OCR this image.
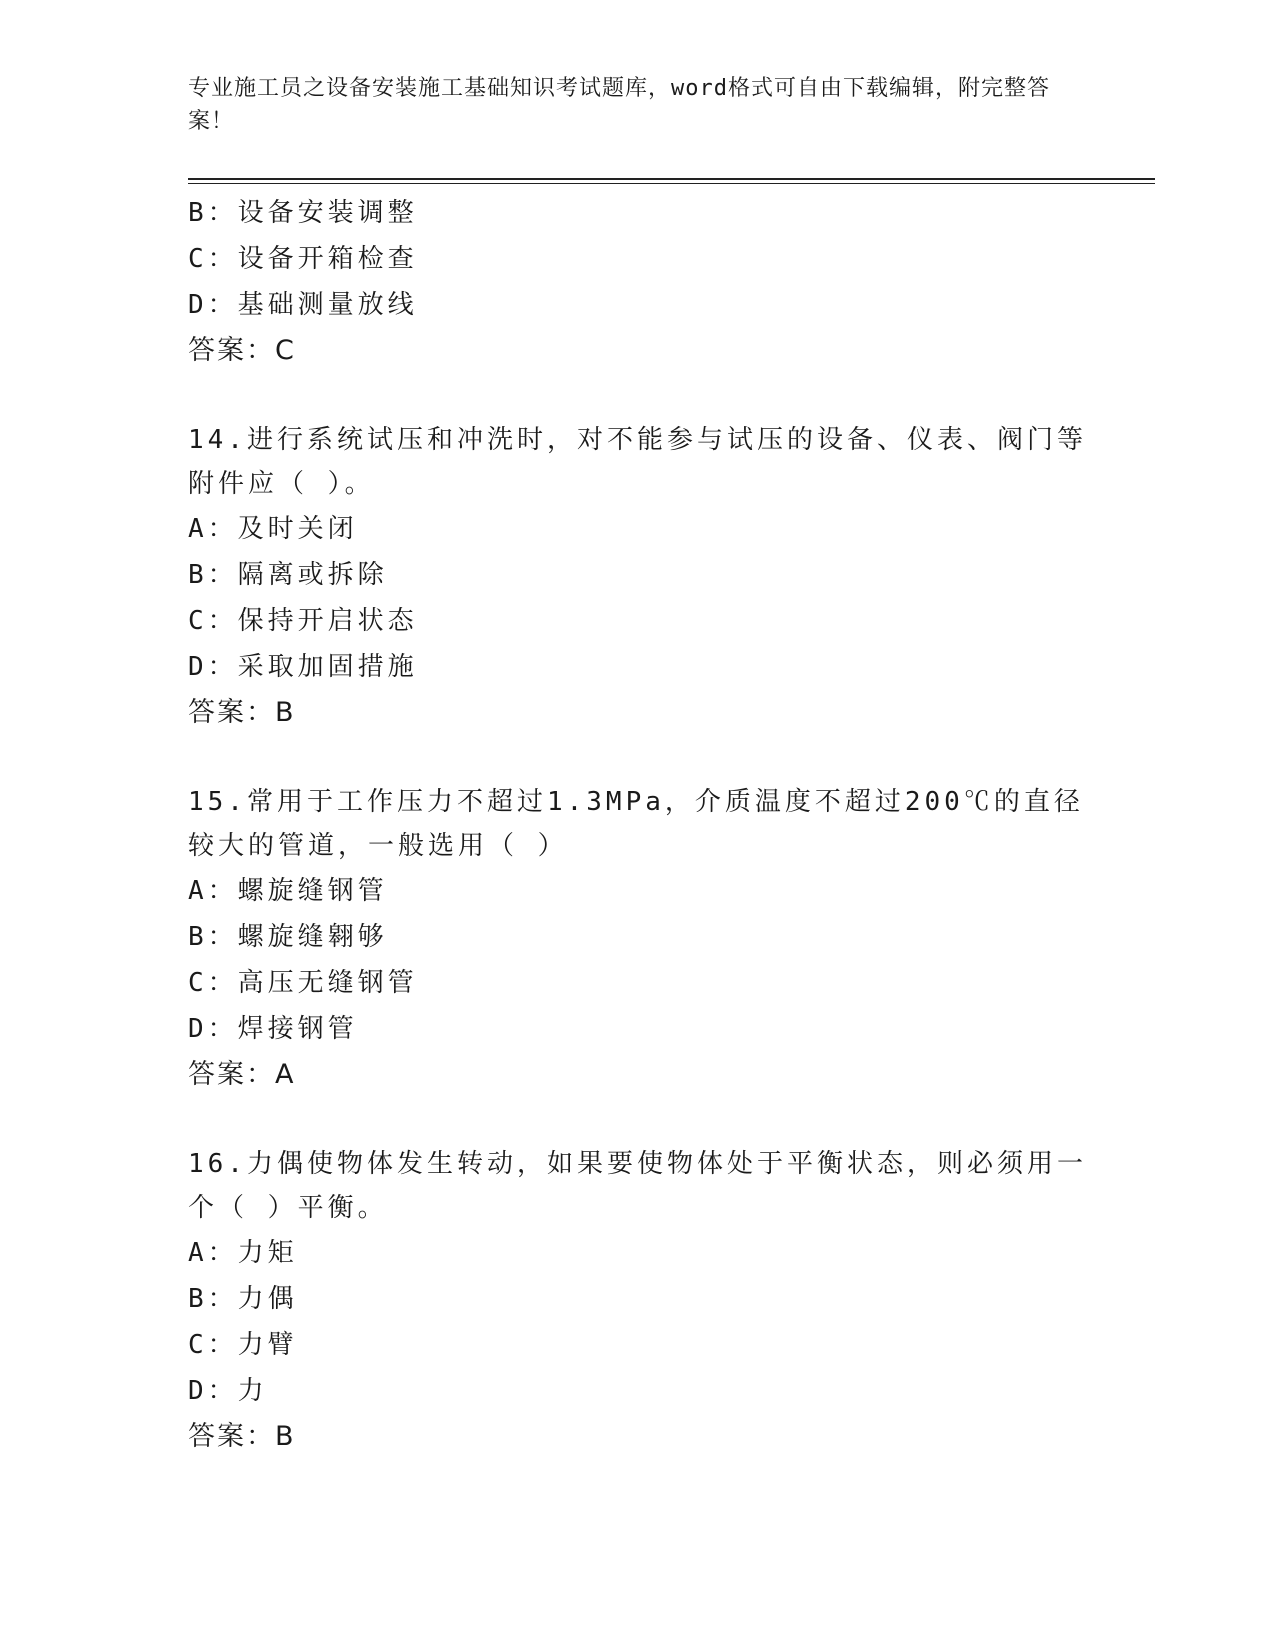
专业施工员之设备安装施工基础知识考试题库，word格式可自由下载编辑，附完整答案！
B：设备安装调整
C：设备开箱检查
D：基础测量放线
答案：C
14.进行系统试压和冲洗时，对不能参与试压的设备、仪表、阀门等附件应（ ）。
A：及时关闭
B：隔离或拆除
C：保持开启状态
D：采取加固措施
答案：B
15.常用于工作压力不超过1.3MPa，介质温度不超过200℃的直径较大的管道，一般选用（ ）
A：螺旋缝钢管
B：螺旋缝翱够
C：高压无缝钢管
D：焊接钢管
答案：A
16.力偶使物体发生转动，如果要使物体处于平衡状态，则必须用一个（ ）平衡。
A：力矩
B：力偶
C：力臂
D：力
答案：B
